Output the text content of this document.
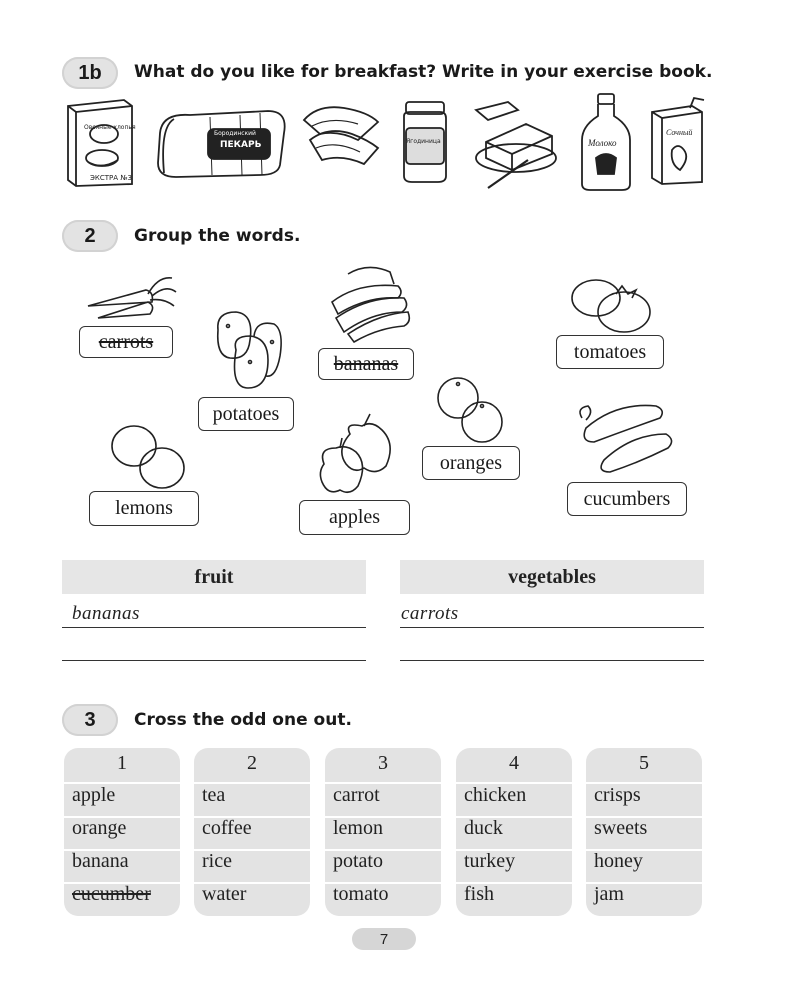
1b	What do you like for breakfast? Write in your exercise book.
Овсяные хлопья
ЭКСТРА №3
Бородинский
ПЕКАРЬ	Ягодиница	Молоко
Сочный
2	Group the words.
carrots
potatoes
bananas
tomatoes
lemons	apples
oranges
cucumbers
fruit	vegetables
bananas	carrots
3	Cross the odd one out.
1
apple
orange
banana
cucumber
2
tea
coffee
rice
water
3
carrot
lemon
potato
tomato
4
chicken
duck
turkey
fish
5
crisps
sweets
honey
jam
7
